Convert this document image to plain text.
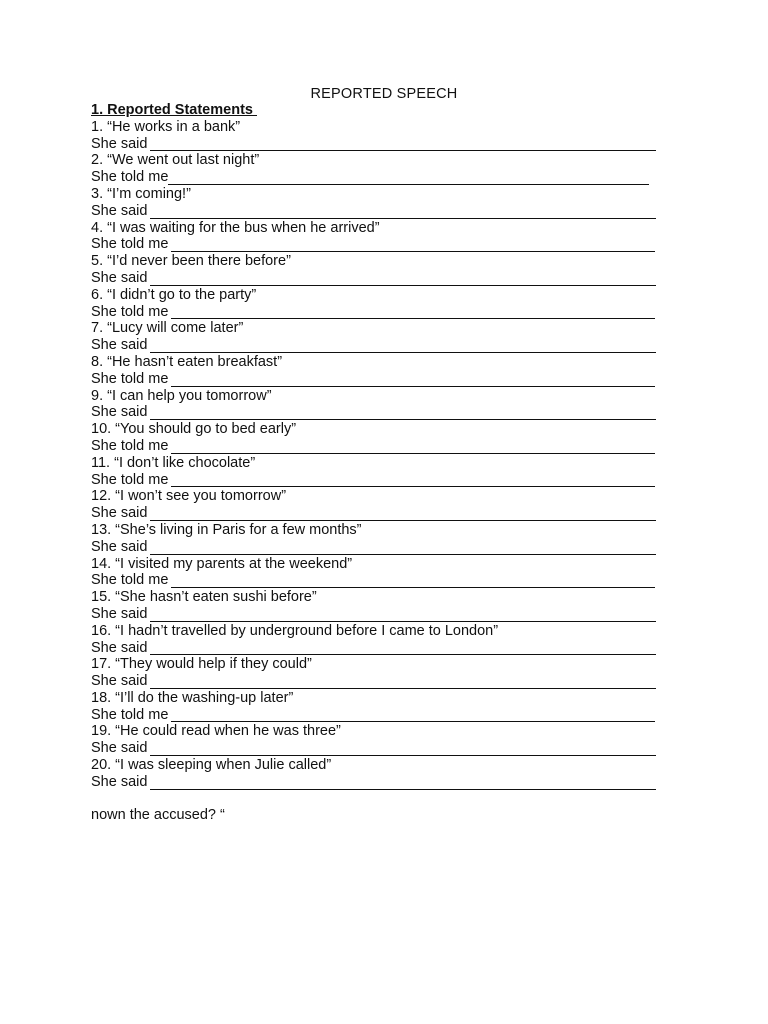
REPORTED SPEECH
1. Reported Statements
1. “He works in a bank”
She said
2. “We went out last night”
She told me
3. “I’m coming!”
She said
4. “I was waiting for the bus when he arrived”
She told me
5. “I’d never been there before”
She said
6. “I didn’t go to the party”
She told me
7. “Lucy will come later”
She said
8. “He hasn’t eaten breakfast”
She told me
9. “I can help you tomorrow”
She said
10. “You should go to bed early”
She told me
11. “I don’t like chocolate”
She told me
12. “I won’t see you tomorrow”
She said
13. “She’s living in Paris for a few months”
She said
14. “I visited my parents at the weekend”
She told me
15. “She hasn’t eaten sushi before”
She said
16. “I hadn’t travelled by underground before I came to London”
She said
17. “They would help if they could”
She said
18. “I’ll do the washing-up later”
She told me
19. “He could read when he was three”
She said
20. “I was sleeping when Julie called”
She said
nown the accused? “
